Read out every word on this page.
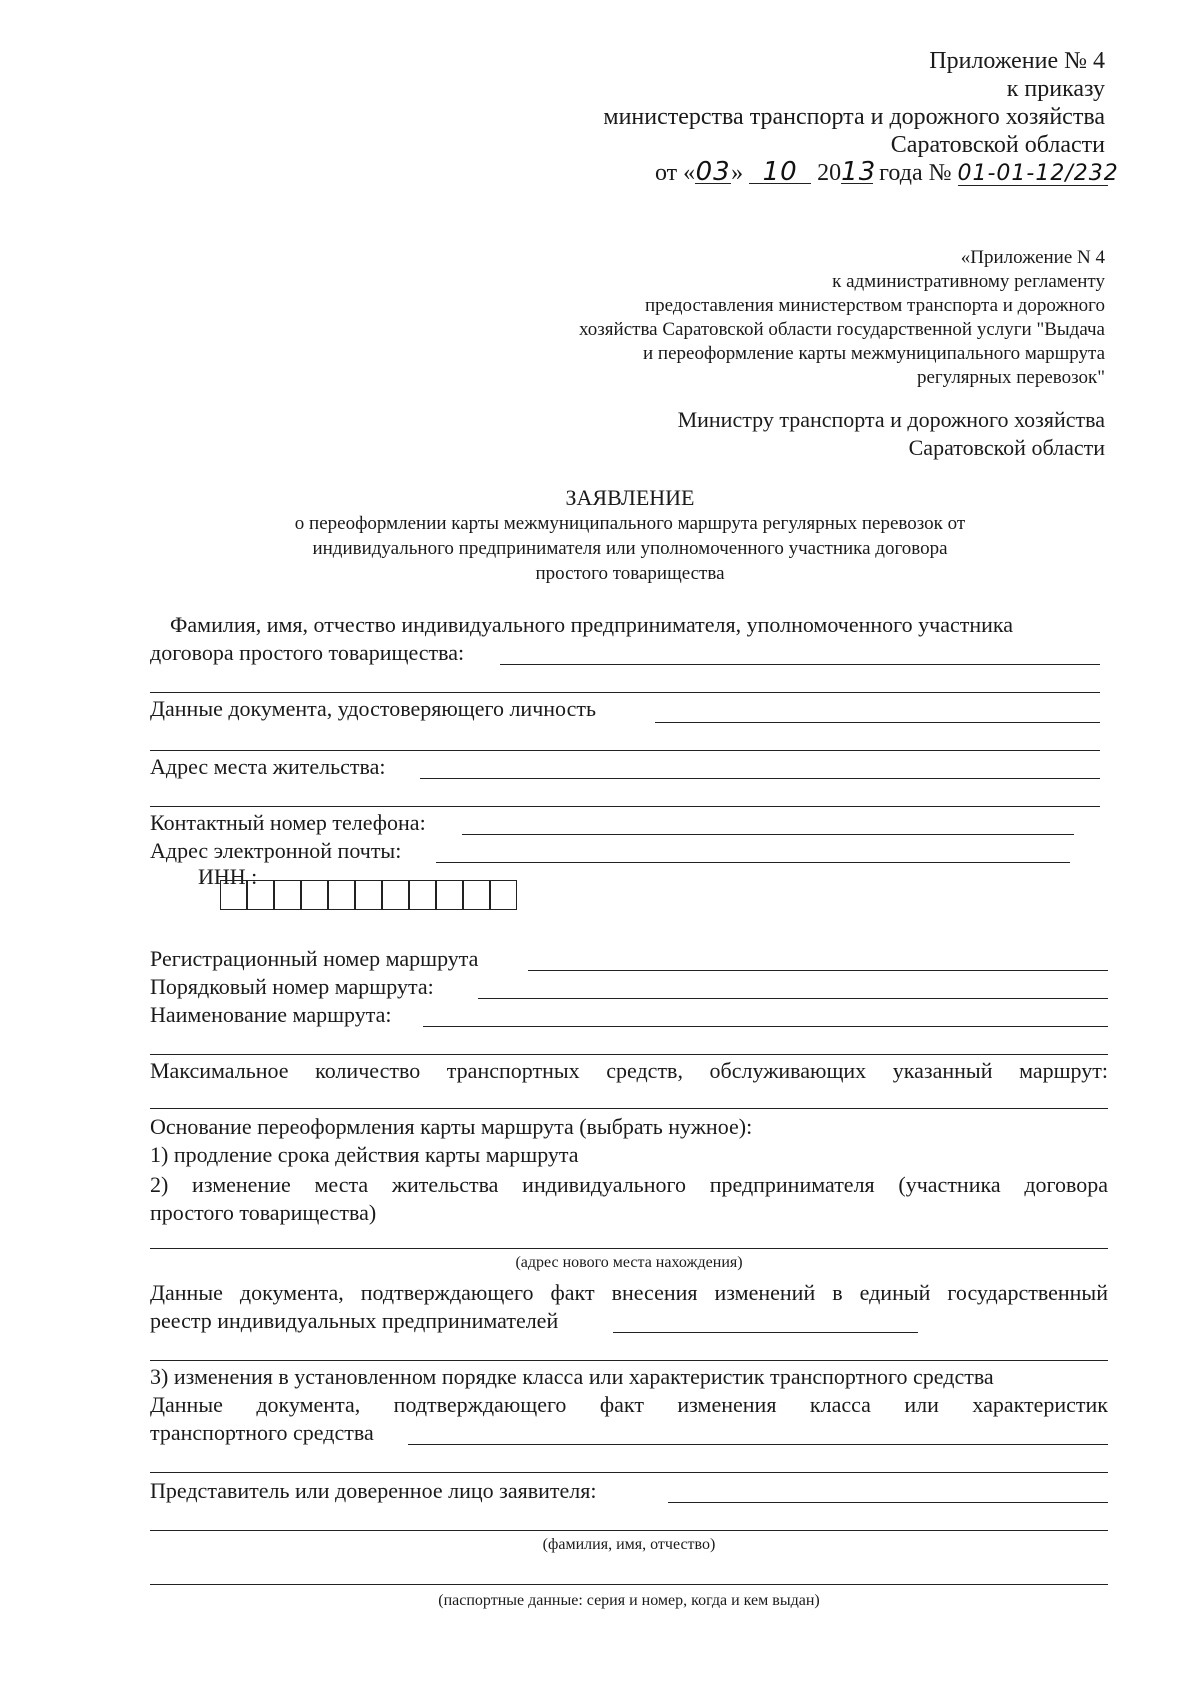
Приложение № 4
к приказу
министерства транспорта и дорожного хозяйства
Саратовской области
от «03» 10 2013 года № 01-01-12/232
«Приложение N 4
к административному регламенту
предоставления министерством транспорта и дорожного
хозяйства Саратовской области государственной услуги "Выдача
и переоформление карты межмуниципального маршрута
регулярных перевозок"
Министру транспорта и дорожного хозяйства
Саратовской области
ЗАЯВЛЕНИЕ
о переоформлении карты межмуниципального маршрута регулярных перевозок от
индивидуального предпринимателя или уполномоченного участника договора
простого товарищества
Фамилия, имя, отчество индивидуального предпринимателя, уполномоченного участника
договора простого товарищества:
Данные документа, удостоверяющего личность
Адрес места жительства:
Контактный номер телефона:
Адрес электронной почты:
ИНН :
Регистрационный номер маршрута
Порядковый номер маршрута:
Наименование маршрута:
Максимальное количество транспортных средств, обслуживающих указанный маршрут:
Основание переоформления карты маршрута (выбрать нужное):
1) продление срока действия карты маршрута
2) изменение места жительства индивидуального предпринимателя (участника договора
простого товарищества)
(адрес нового места нахождения)
Данные документа, подтверждающего факт внесения изменений в единый государственный
реестр индивидуальных предпринимателей
3) изменения в установленном порядке класса или характеристик транспортного средства
Данные документа, подтверждающего факт изменения класса или характеристик
транспортного средства
Представитель или доверенное лицо заявителя:
(фамилия, имя, отчество)
(паспортные данные: серия и номер, когда и кем выдан)
